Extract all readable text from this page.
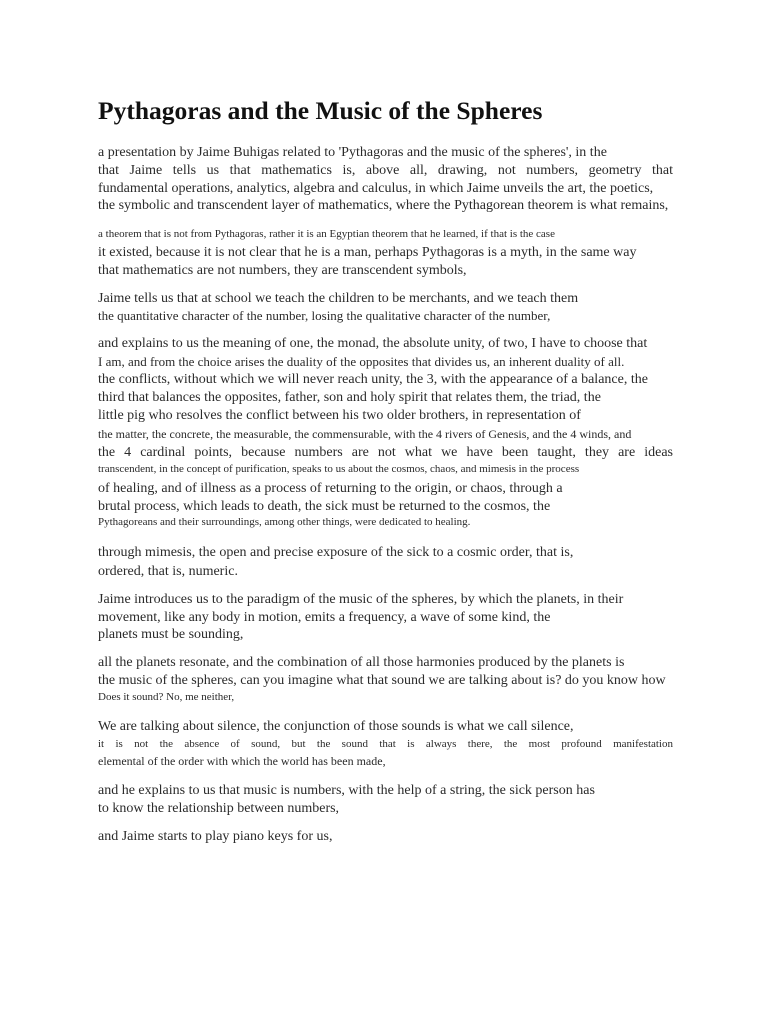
Pythagoras and the Music of the Spheres
a presentation by Jaime Buhigas related to 'Pythagoras and the music of the spheres', in the
that Jaime tells us that mathematics is, above all, drawing, not numbers, geometry that
fundamental operations, analytics, algebra and calculus, in which Jaime unveils the art, the poetics,
the symbolic and transcendent layer of mathematics, where the Pythagorean theorem is what remains,
a theorem that is not from Pythagoras, rather it is an Egyptian theorem that he learned, if that is the case
it existed, because it is not clear that he is a man, perhaps Pythagoras is a myth, in the same way
that mathematics are not numbers, they are transcendent symbols,
Jaime tells us that at school we teach the children to be merchants, and we teach them
the quantitative character of the number, losing the qualitative character of the number,
and explains to us the meaning of one, the monad, the absolute unity, of two, I have to choose that
I am, and from the choice arises the duality of the opposites that divides us, an inherent duality of all.
the conflicts, without which we will never reach unity, the 3, with the appearance of a balance, the
third that balances the opposites, father, son and holy spirit that relates them, the triad, the
little pig who resolves the conflict between his two older brothers, in representation of
the matter, the concrete, the measurable, the commensurable, with the 4 rivers of Genesis, and the 4 winds, and
the 4 cardinal points, because numbers are not what we have been taught, they are ideas
transcendent, in the concept of purification, speaks to us about the cosmos, chaos, and mimesis in the process
of healing, and of illness as a process of returning to the origin, or chaos, through a
brutal process, which leads to death, the sick must be returned to the cosmos, the
Pythagoreans and their surroundings, among other things, were dedicated to healing.
through mimesis, the open and precise exposure of the sick to a cosmic order, that is,
ordered, that is, numeric.
Jaime introduces us to the paradigm of the music of the spheres, by which the planets, in their
movement, like any body in motion, emits a frequency, a wave of some kind, the
planets must be sounding,
all the planets resonate, and the combination of all those harmonies produced by the planets is
the music of the spheres, can you imagine what that sound we are talking about is? do you know how
Does it sound? No, me neither,
We are talking about silence, the conjunction of those sounds is what we call silence,
it is not the absence of sound, but the sound that is always there, the most profound manifestation
elemental of the order with which the world has been made,
and he explains to us that music is numbers, with the help of a string, the sick person has
to know the relationship between numbers,
and Jaime starts to play piano keys for us,
